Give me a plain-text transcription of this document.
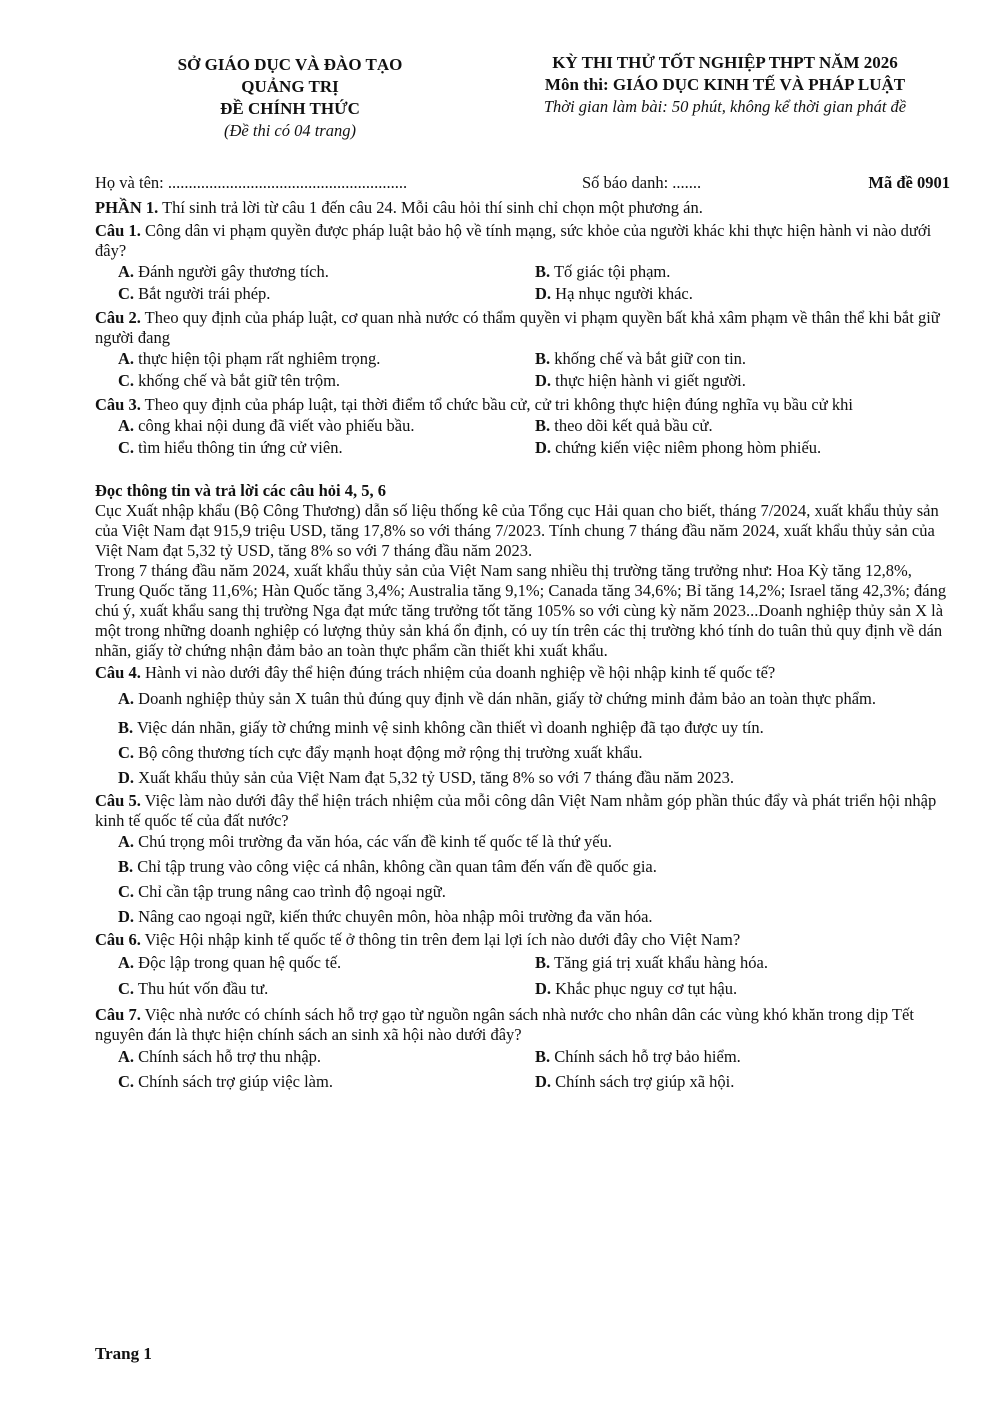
SỞ GIÁO DỤC VÀ ĐÀO TẠO
QUẢNG TRỊ
ĐỀ CHÍNH THỨC
(Đề thi có 04 trang)
KỲ THI THỬ TỐT NGHIỆP THPT NĂM 2026
Môn thi: GIÁO DỤC KINH TẾ VÀ PHÁP LUẬT
Thời gian làm bài: 50 phút, không kể thời gian phát đề
Họ và tên: ..........................................................	Số báo danh: .......	Mã đề 0901
PHẦN 1. Thí sinh trả lời từ câu 1 đến câu 24. Mỗi câu hỏi thí sinh chỉ chọn một phương án.
Câu 1. Công dân vi phạm quyền được pháp luật bảo hộ về tính mạng, sức khỏe của người khác khi thực hiện hành vi nào dưới đây?
A. Đánh người gây thương tích.	B. Tố giác tội phạm.
C. Bắt người trái phép.	D. Hạ nhục người khác.
Câu 2. Theo quy định của pháp luật, cơ quan nhà nước có thẩm quyền vi phạm quyền bất khả xâm phạm về thân thể khi bắt giữ người đang
A. thực hiện tội phạm rất nghiêm trọng.	B. khống chế và bắt giữ con tin.
C. khống chế và bắt giữ tên trộm.	D. thực hiện hành vi giết người.
Câu 3. Theo quy định của pháp luật, tại thời điểm tổ chức bầu cử, cử tri không thực hiện đúng nghĩa vụ bầu cử khi
A. công khai nội dung đã viết vào phiếu bầu.	B. theo dõi kết quả bầu cử.
C. tìm hiểu thông tin ứng cử viên.	D. chứng kiến việc niêm phong hòm phiếu.
Đọc thông tin và trả lời các câu hỏi 4, 5, 6
Cục Xuất nhập khẩu (Bộ Công Thương) dẫn số liệu thống kê của Tổng cục Hải quan cho biết, tháng 7/2024, xuất khẩu thủy sản của Việt Nam đạt 915,9 triệu USD, tăng 17,8% so với tháng 7/2023. Tính chung 7 tháng đầu năm 2024, xuất khẩu thủy sản của Việt Nam đạt 5,32 tỷ USD, tăng 8% so với 7 tháng đầu năm 2023.
Trong 7 tháng đầu năm 2024, xuất khẩu thủy sản của Việt Nam sang nhiều thị trường tăng trưởng như: Hoa Kỳ tăng 12,8%, Trung Quốc tăng 11,6%; Hàn Quốc tăng 3,4%; Australia tăng 9,1%; Canada tăng 34,6%; Bỉ tăng 14,2%; Israel tăng 42,3%; đáng chú ý, xuất khẩu sang thị trường Nga đạt mức tăng trưởng tốt tăng 105% so với cùng kỳ năm 2023...Doanh nghiệp thủy sản X là một trong những doanh nghiệp có lượng thủy sản khá ổn định, có uy tín trên các thị trường khó tính do tuân thủ quy định về dán nhãn, giấy tờ chứng nhận đảm bảo an toàn thực phẩm cần thiết khi xuất khẩu.
Câu 4. Hành vi nào dưới đây thể hiện đúng trách nhiệm của doanh nghiệp về hội nhập kinh tế quốc tế?
A. Doanh nghiệp thủy sản X tuân thủ đúng quy định về dán nhãn, giấy tờ chứng minh đảm bảo an toàn thực phẩm.
B. Việc dán nhãn, giấy tờ chứng minh vệ sinh không cần thiết vì doanh nghiệp đã tạo được uy tín.
C. Bộ công thương tích cực đẩy mạnh hoạt động mở rộng thị trường xuất khẩu.
D. Xuất khẩu thủy sản của Việt Nam đạt 5,32 tỷ USD, tăng 8% so với 7 tháng đầu năm 2023.
Câu 5. Việc làm nào dưới đây thể hiện trách nhiệm của mỗi công dân Việt Nam nhằm góp phần thúc đẩy và phát triển hội nhập kinh tế quốc tế của đất nước?
A. Chú trọng môi trường đa văn hóa, các vấn đề kinh tế quốc tế là thứ yếu.
B. Chỉ tập trung vào công việc cá nhân, không cần quan tâm đến vấn đề quốc gia.
C. Chỉ cần tập trung nâng cao trình độ ngoại ngữ.
D. Nâng cao ngoại ngữ, kiến thức chuyên môn, hòa nhập môi trường đa văn hóa.
Câu 6. Việc Hội nhập kinh tế quốc tế ở thông tin trên đem lại lợi ích nào dưới đây cho Việt Nam?
A. Độc lập trong quan hệ quốc tế.	B. Tăng giá trị xuất khẩu hàng hóa.
C. Thu hút vốn đầu tư.	D. Khắc phục nguy cơ tụt hậu.
Câu 7. Việc nhà nước có chính sách hỗ trợ gạo từ nguồn ngân sách nhà nước cho nhân dân các vùng khó khăn trong dịp Tết nguyên đán là thực hiện chính sách an sinh xã hội nào dưới đây?
A. Chính sách hỗ trợ thu nhập.	B. Chính sách hỗ trợ bảo hiểm.
C. Chính sách trợ giúp việc làm.	D. Chính sách trợ giúp xã hội.
Trang 1
